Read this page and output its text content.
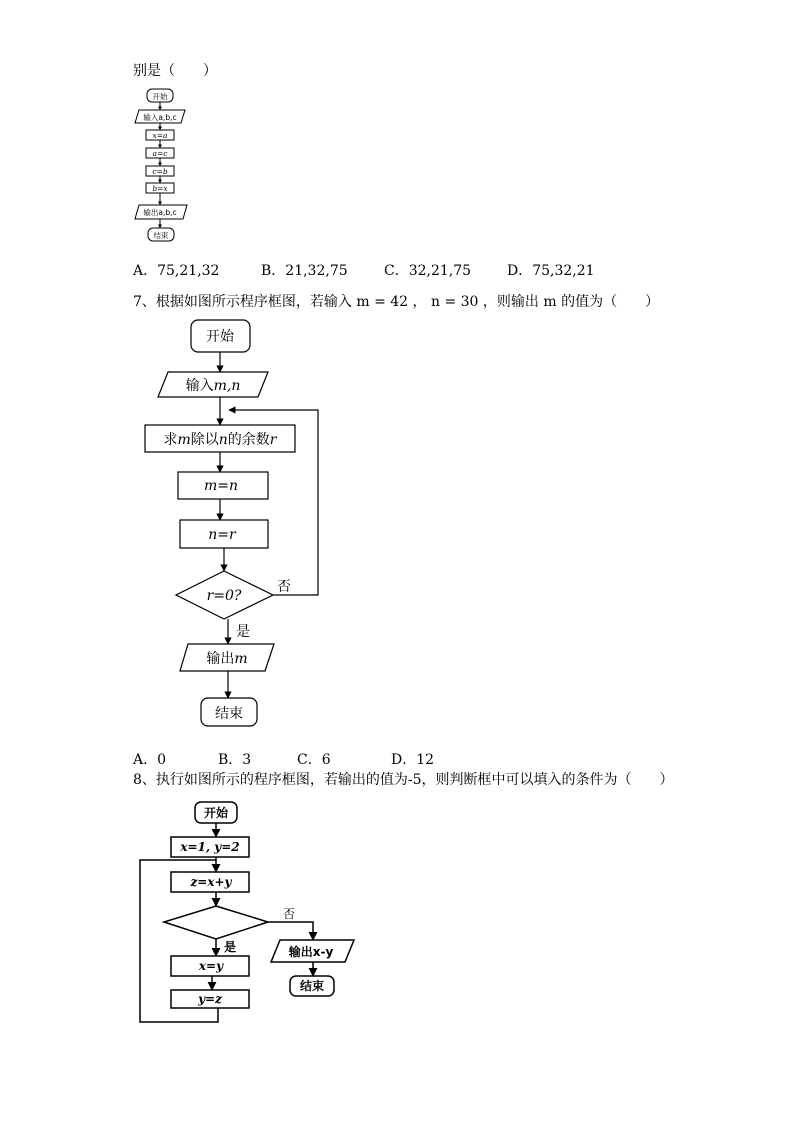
别是（　　）
开始
输入a,b,c
x=a
a=c
c=b
b=x
输出a,b,c
结束
A．75,21,32	B．21,32,75	C．32,21,75	D．75,32,21
7、根据如图所示程序框图，若输入 m = 42 ， n = 30 ，则输出 m 的值为（　　）
开始
输入m,n
求m除以n的余数r
m=n
n=r
r=0?
否
是
输出m
结束
A．0	B．3	C．6	D．12
8、执行如图所示的程序框图，若输出的值为-5，则判断框中可以填入的条件为（　　）
开始
x=1, y=2
z=x+y
否
是
x=y
y=z
输出x-y
结束
